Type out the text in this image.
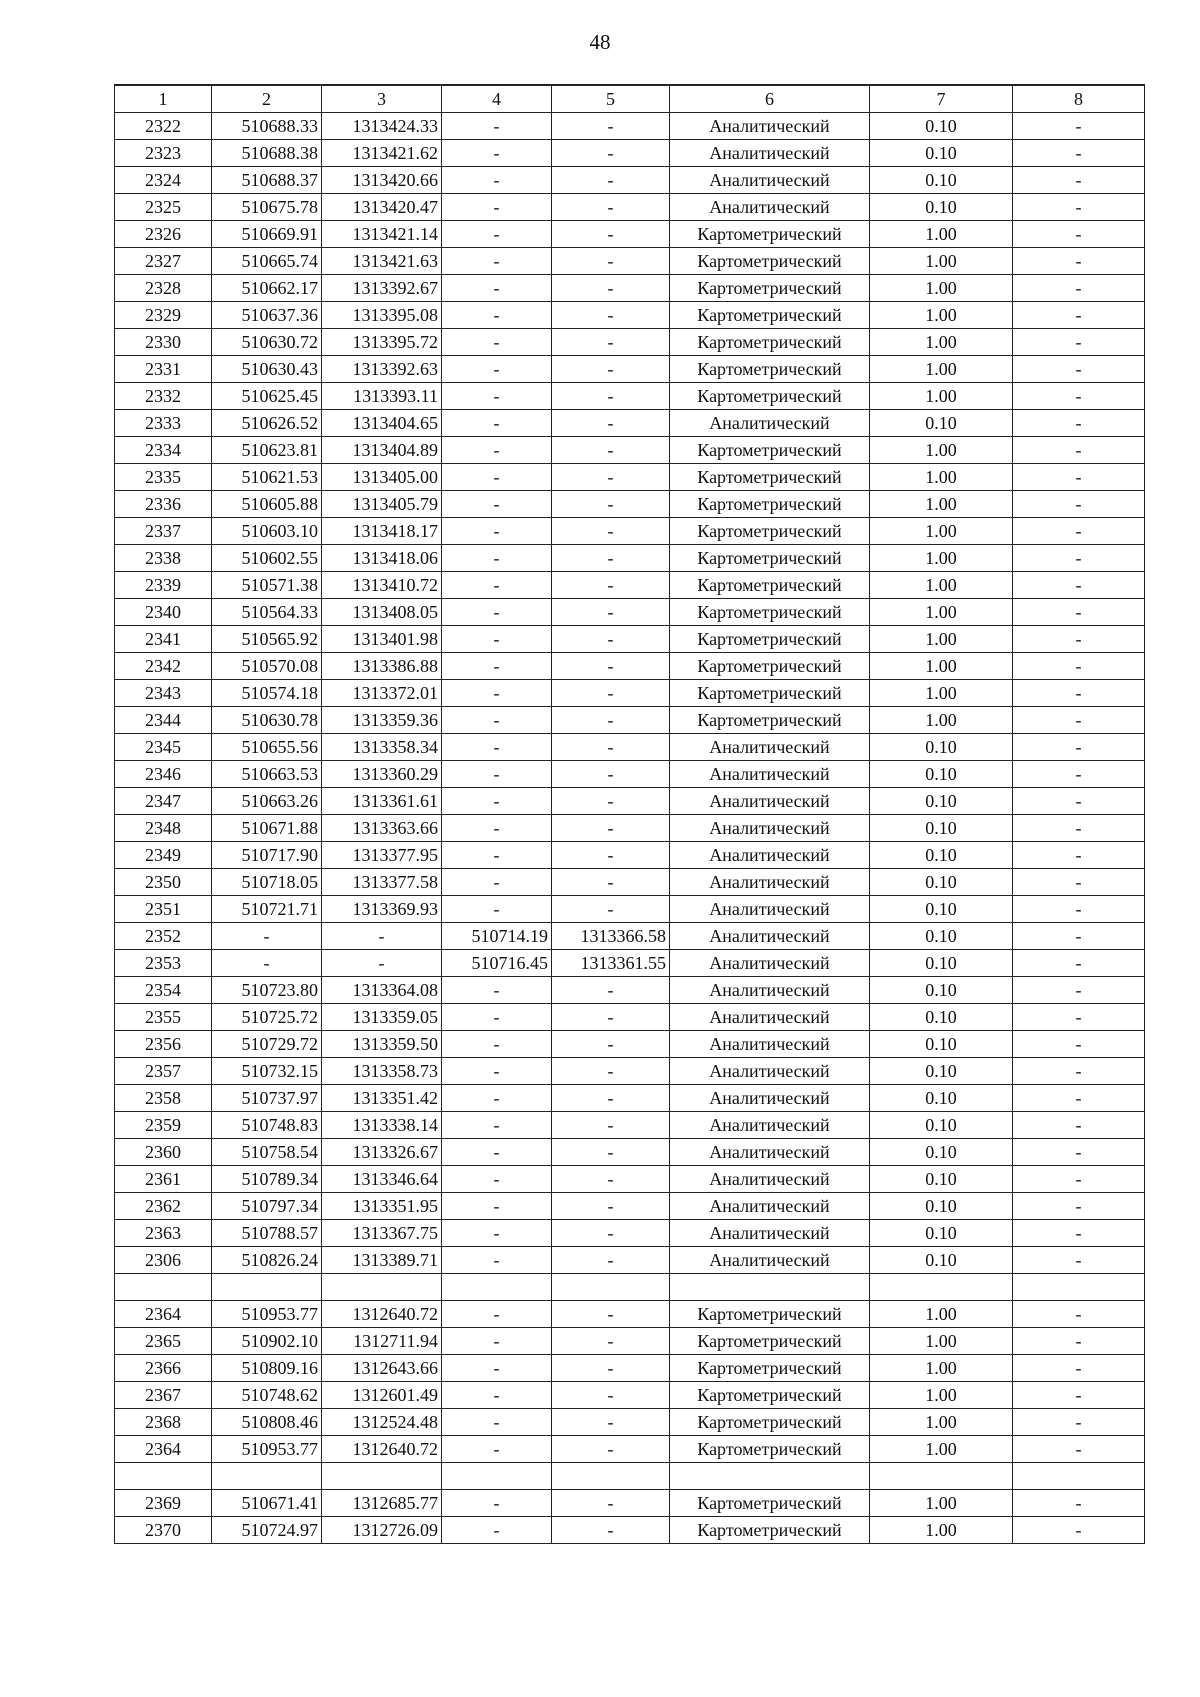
48
1	2	3	4	5	6	7	8
2322	510688.33	1313424.33	-	-	Аналитический	0.10	-
2323	510688.38	1313421.62	-	-	Аналитический	0.10	-
2324	510688.37	1313420.66	-	-	Аналитический	0.10	-
2325	510675.78	1313420.47	-	-	Аналитический	0.10	-
2326	510669.91	1313421.14	-	-	Картометрический	1.00	-
2327	510665.74	1313421.63	-	-	Картометрический	1.00	-
2328	510662.17	1313392.67	-	-	Картометрический	1.00	-
2329	510637.36	1313395.08	-	-	Картометрический	1.00	-
2330	510630.72	1313395.72	-	-	Картометрический	1.00	-
2331	510630.43	1313392.63	-	-	Картометрический	1.00	-
2332	510625.45	1313393.11	-	-	Картометрический	1.00	-
2333	510626.52	1313404.65	-	-	Аналитический	0.10	-
2334	510623.81	1313404.89	-	-	Картометрический	1.00	-
2335	510621.53	1313405.00	-	-	Картометрический	1.00	-
2336	510605.88	1313405.79	-	-	Картометрический	1.00	-
2337	510603.10	1313418.17	-	-	Картометрический	1.00	-
2338	510602.55	1313418.06	-	-	Картометрический	1.00	-
2339	510571.38	1313410.72	-	-	Картометрический	1.00	-
2340	510564.33	1313408.05	-	-	Картометрический	1.00	-
2341	510565.92	1313401.98	-	-	Картометрический	1.00	-
2342	510570.08	1313386.88	-	-	Картометрический	1.00	-
2343	510574.18	1313372.01	-	-	Картометрический	1.00	-
2344	510630.78	1313359.36	-	-	Картометрический	1.00	-
2345	510655.56	1313358.34	-	-	Аналитический	0.10	-
2346	510663.53	1313360.29	-	-	Аналитический	0.10	-
2347	510663.26	1313361.61	-	-	Аналитический	0.10	-
2348	510671.88	1313363.66	-	-	Аналитический	0.10	-
2349	510717.90	1313377.95	-	-	Аналитический	0.10	-
2350	510718.05	1313377.58	-	-	Аналитический	0.10	-
2351	510721.71	1313369.93	-	-	Аналитический	0.10	-
2352	-	-	510714.19	1313366.58	Аналитический	0.10	-
2353	-	-	510716.45	1313361.55	Аналитический	0.10	-
2354	510723.80	1313364.08	-	-	Аналитический	0.10	-
2355	510725.72	1313359.05	-	-	Аналитический	0.10	-
2356	510729.72	1313359.50	-	-	Аналитический	0.10	-
2357	510732.15	1313358.73	-	-	Аналитический	0.10	-
2358	510737.97	1313351.42	-	-	Аналитический	0.10	-
2359	510748.83	1313338.14	-	-	Аналитический	0.10	-
2360	510758.54	1313326.67	-	-	Аналитический	0.10	-
2361	510789.34	1313346.64	-	-	Аналитический	0.10	-
2362	510797.34	1313351.95	-	-	Аналитический	0.10	-
2363	510788.57	1313367.75	-	-	Аналитический	0.10	-
2306	510826.24	1313389.71	-	-	Аналитический	0.10	-

2364	510953.77	1312640.72	-	-	Картометрический	1.00	-
2365	510902.10	1312711.94	-	-	Картометрический	1.00	-
2366	510809.16	1312643.66	-	-	Картометрический	1.00	-
2367	510748.62	1312601.49	-	-	Картометрический	1.00	-
2368	510808.46	1312524.48	-	-	Картометрический	1.00	-
2364	510953.77	1312640.72	-	-	Картометрический	1.00	-

2369	510671.41	1312685.77	-	-	Картометрический	1.00	-
2370	510724.97	1312726.09	-	-	Картометрический	1.00	-
